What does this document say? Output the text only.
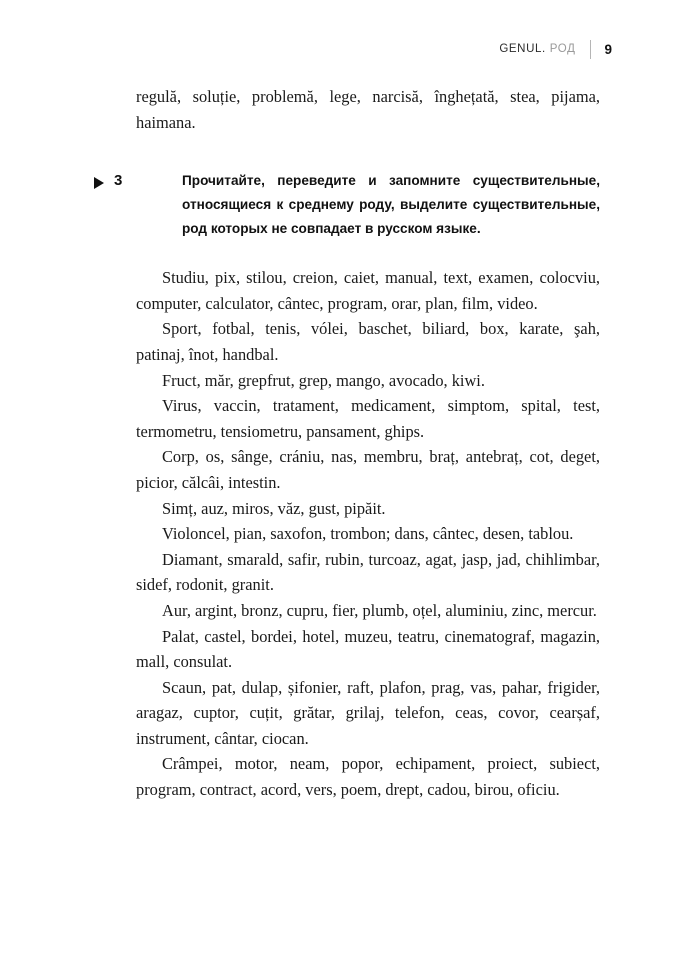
GENUL. РОД 9

regulă, soluție, problemă, lege, narcisă, înghețată, stea, pijama, haimana.

3	Прочитайте, переведите и запомните существительные, относящиеся к среднему роду, выделите существительные, род которых не совпадает в русском языке.

Studiu, pix, stilou, creion, caiet, manual, text, examen, colocviu, computer, calculator, cântec, program, orar, plan, film, video.

Sport, fotbal, tenis, vólei, baschet, biliard, box, karate, şah, patinaj, înot, handbal.

Fruct, măr, grepfrut, grep, mango, avocado, kiwi.

Virus, vaccin, tratament, medicament, simptom, spital, test, termometru, tensiometru, pansament, ghips.

Corp, os, sânge, crániu, nas, membru, braț, antebraț, cot, deget, picior, călcâi, intestin.

Simț, auz, miros, văz, gust, pipăit.

Violoncel, pian, saxofon, trombon; dans, cântec, desen, tablou.

Diamant, smarald, safir, rubin, turcoaz, agat, jasp, jad, chihlimbar, sidef, rodonit, granit.

Aur, argint, bronz, cupru, fier, plumb, oțel, aluminiu, zinc, mercur.

Palat, castel, bordei, hotel, muzeu, teatru, cinematograf, magazin, mall, consulat.

Scaun, pat, dulap, șifonier, raft, plafon, prag, vas, pahar, frigider, aragaz, cuptor, cuțit, grătar, grilaj, telefon, ceas, covor, cearșaf, instrument, cântar, ciocan.

Crâmpei, motor, neam, popor, echipament, proiect, subiect, program, contract, acord, vers, poem, drept, cadou, birou, oficiu.
